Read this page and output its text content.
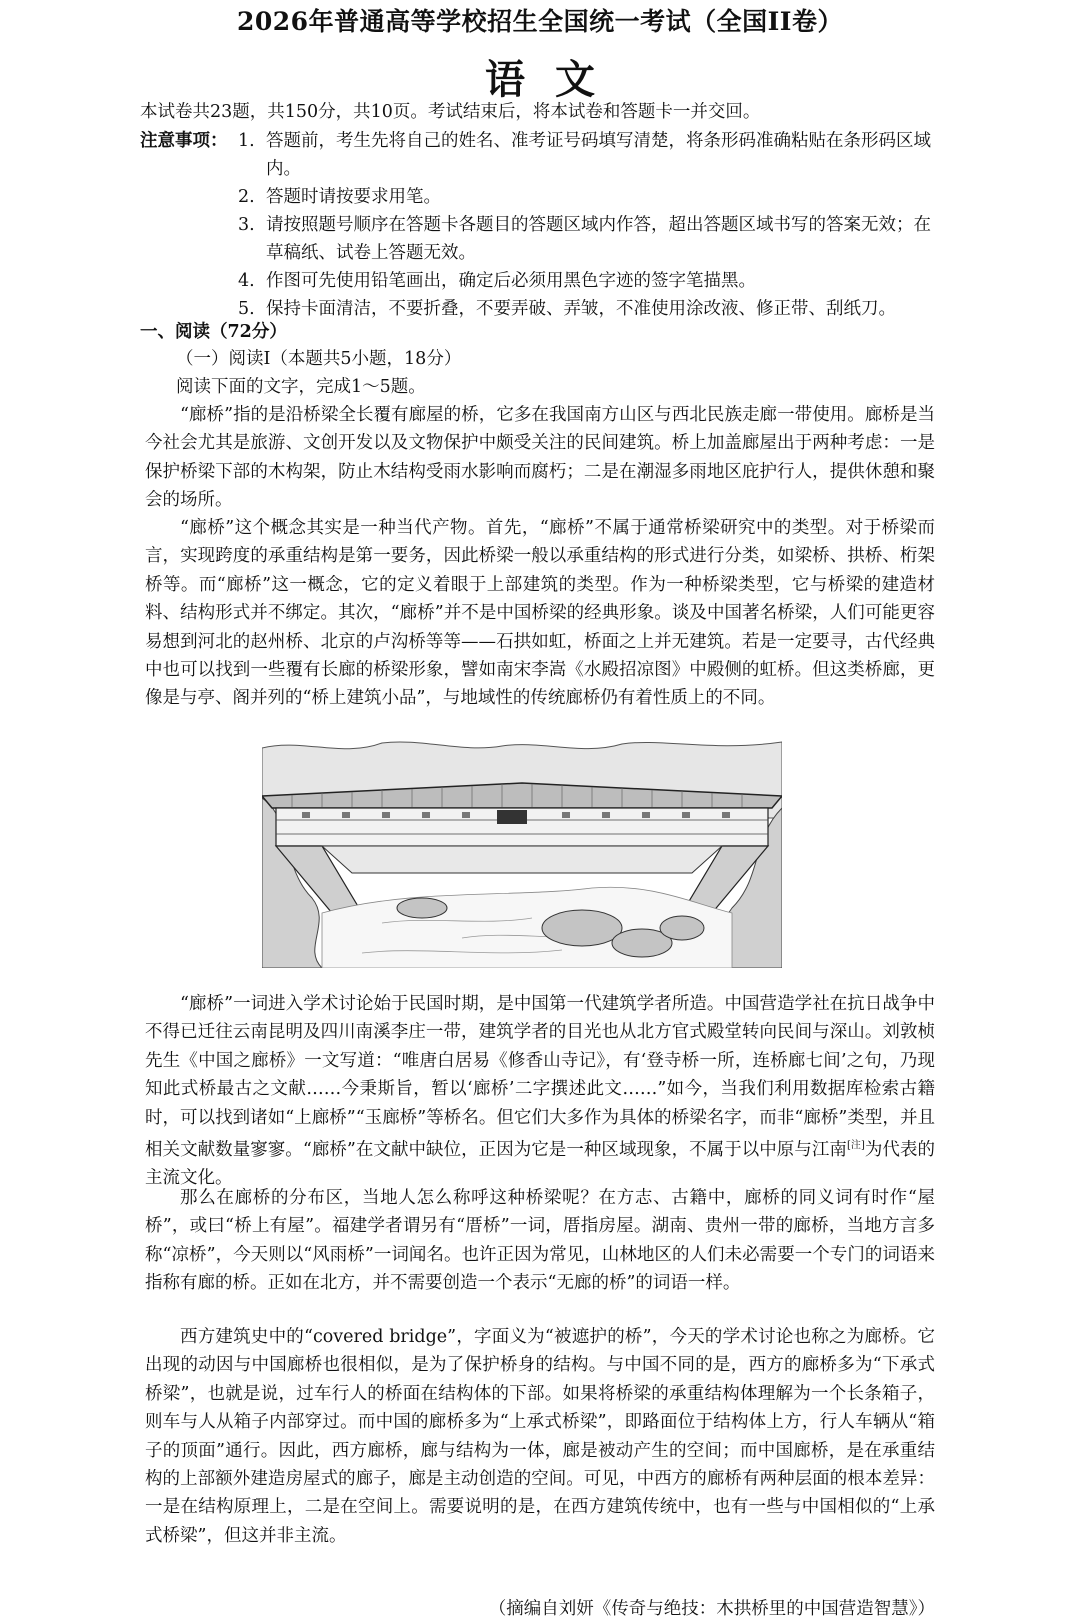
2026年普通高等学校招生全国统一考试（全国II卷）
语文

本试卷共23题，共150分，共10页。考试结束后，将本试卷和答题卡一并交回。

注意事项： 1. 答题前，考生先将自己的姓名、准考证号码填写清楚，将条形码准确粘贴在条形码区域内。
2. 答题时请按要求用笔。
3. 请按照题号顺序在答题卡各题目的答题区域内作答，超出答题区域书写的答案无效；在草稿纸、试卷上答题无效。
4. 作图可先使用铅笔画出，确定后必须用黑色字迹的签字笔描黑。
5. 保持卡面清洁，不要折叠，不要弄破、弄皱，不准使用涂改液、修正带、刮纸刀。

一、阅读（72分）

（一）阅读Ⅰ（本题共5小题，18分）

阅读下面的文字，完成1～5题。

“廊桥”指的是沿桥梁全长覆有廊屋的桥，它多在我国南方山区与西北民族走廊一带使用。廊桥是当今社会尤其是旅游、文创开发以及文物保护中颇受关注的民间建筑。桥上加盖廊屋出于两种考虑：一是保护桥梁下部的木构架，防止木结构受雨水影响而腐朽；二是在潮湿多雨地区庇护行人，提供休憩和聚会的场所。

“廊桥”这个概念其实是一种当代产物。首先，“廊桥”不属于通常桥梁研究中的类型。对于桥梁而言，实现跨度的承重结构是第一要务，因此桥梁一般以承重结构的形式进行分类，如梁桥、拱桥、桁架桥等。而“廊桥”这一概念，它的定义着眼于上部建筑的类型。作为一种桥梁类型，它与桥梁的建造材料、结构形式并不绑定。其次，“廊桥”并不是中国桥梁的经典形象。谈及中国著名桥梁，人们可能更容易想到河北的赵州桥、北京的卢沟桥等等——石拱如虹，桥面之上并无建筑。若是一定要寻，古代经典中也可以找到一些覆有长廊的桥梁形象，譬如南宋李嵩《水殿招凉图》中殿侧的虹桥。但这类桥廊，更像是与亭、阁并列的“桥上建筑小品”，与地域性的传统廊桥仍有着性质上的不同。

“廊桥”一词进入学术讨论始于民国时期，是中国第一代建筑学者所造。中国营造学社在抗日战争中不得已迁往云南昆明及四川南溪李庄一带，建筑学者的目光也从北方官式殿堂转向民间与深山。刘敦桢先生《中国之廊桥》一文写道：“唯唐白居易《修香山寺记》，有‘登寺桥一所，连桥廊七间’之句，乃现知此式桥最古之文献……今秉斯旨，暂以‘廊桥’二字撰述此文……”如今，当我们利用数据库检索古籍时，可以找到诸如“上廊桥”“玉廊桥”等桥名。但它们大多作为具体的桥梁名字，而非“廊桥”类型，并且相关文献数量寥寥。“廊桥”在文献中缺位，正因为它是一种区域现象，不属于以中原与江南[注]为代表的主流文化。

那么在廊桥的分布区，当地人怎么称呼这种桥梁呢？在方志、古籍中，廊桥的同义词有时作“屋桥”，或曰“桥上有屋”。福建学者谓另有“厝桥”一词，厝指房屋。湖南、贵州一带的廊桥，当地方言多称“凉桥”，今天则以“风雨桥”一词闻名。也许正因为常见，山林地区的人们未必需要一个专门的词语来指称有廊的桥。正如在北方，并不需要创造一个表示“无廊的桥”的词语一样。

西方建筑史中的“covered bridge”，字面义为“被遮护的桥”，今天的学术讨论也称之为廊桥。它出现的动因与中国廊桥也很相似，是为了保护桥身的结构。与中国不同的是，西方的廊桥多为“下承式桥梁”，也就是说，过车行人的桥面在结构体的下部。如果将桥梁的承重结构体理解为一个长条箱子，则车与人从箱子内部穿过。而中国的廊桥多为“上承式桥梁”，即路面位于结构体上方，行人车辆从“箱子的顶面”通行。因此，西方廊桥，廊与结构为一体，廊是被动产生的空间；而中国廊桥，是在承重结构的上部额外建造房屋式的廊子，廊是主动创造的空间。可见，中西方的廊桥有两种层面的根本差异：一是在结构原理上，二是在空间上。需要说明的是，在西方建筑传统中，也有一些与中国相似的“上承式桥梁”，但这并非主流。

（摘编自刘妍《传奇与绝技：木拱桥里的中国营造智慧》）
